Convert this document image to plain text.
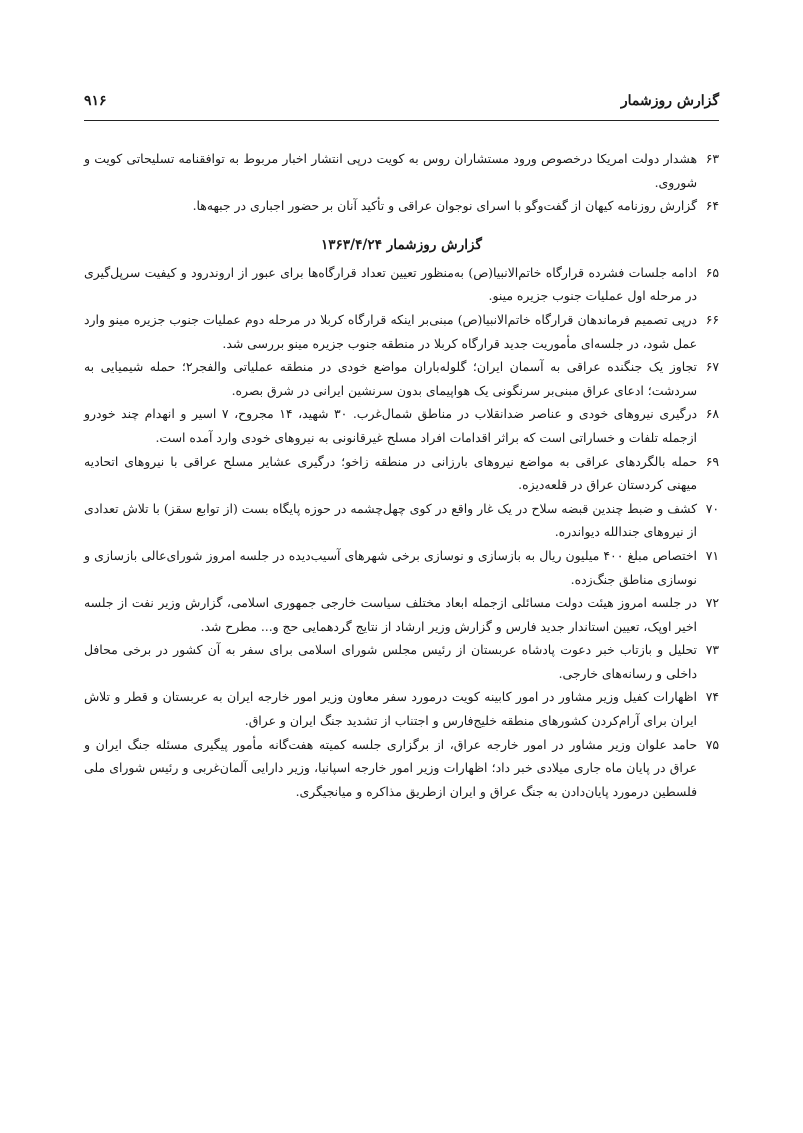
گزارش روزشمار
۹۱۶
۶۳
هشدار دولت امریکا درخصوص ورود مستشاران روس به کویت درپی انتشار اخبار مربوط به توافقنامه تسلیحاتی کویت و شوروی.
۶۴
گزارش روزنامه کیهان از گفت‌وگو با اسرای نوجوان عراقی و تأکید آنان بر حضور اجباری در جبهه‌ها.
گزارش روزشمار ۱۳۶۳/۴/۲۴
۶۵
ادامه جلسات فشرده قرارگاه خاتم‌الانبیا(ص) به‌منظور تعیین تعداد قرارگاه‌ها برای عبور از اروندرود و کیفیت سرپل‌گیری در مرحله اول عملیات جنوب جزیره مینو.
۶۶
درپی تصمیم فرماندهان قرارگاه خاتم‌الانبیا(ص) مبنی‌بر اینکه قرارگاه کربلا در مرحله دوم عملیات جنوب جزیره مینو وارد عمل شود، در جلسه‌ای مأموریت جدید قرارگاه کربلا در منطقه جنوب جزیره مینو بررسی شد.
۶۷
تجاوز یک جنگنده عراقی به آسمان ایران؛ گلوله‌باران مواضع خودی در منطقه عملیاتی والفجر۲؛ حمله شیمیایی به سردشت؛ ادعای عراق مبنی‌بر سرنگونی یک هواپیمای بدون سرنشین ایرانی در شرق بصره.
۶۸
درگیری نیروهای خودی و عناصر ضدانقلاب در مناطق شمال‌غرب. ۳۰ شهید، ۱۴ مجروح، ۷ اسیر و انهدام چند خودرو ازجمله تلفات و خساراتی است که براثر اقدامات افراد مسلح غیرقانونی به نیروهای خودی وارد آمده است.
۶۹
حمله بالگردهای عراقی به مواضع نیروهای بارزانی در منطقه زاخو؛ درگیری عشایر مسلح عراقی با نیروهای اتحادیه میهنی کردستان عراق در قلعه‌دیزه.
۷۰
کشف و ضبط چندین قبضه سلاح در یک غار واقع در کوی چهل‌چشمه در حوزه پایگاه بست (از توابع سقز) با تلاش تعدادی از نیروهای جندالله دیواندره.
۷۱
اختصاص مبلغ ۴۰۰ میلیون ریال به بازسازی و نوسازی برخی شهرهای آسیب‌دیده در جلسه امروز شورای‌عالی بازسازی و نوسازی مناطق جنگ‌زده.
۷۲
در جلسه امروز هیئت دولت مسائلی ازجمله ابعاد مختلف سیاست خارجی جمهوری اسلامی، گزارش وزیر نفت از جلسه اخیر اوپک، تعیین استاندار جدید فارس و گزارش وزیر ارشاد از نتایج گردهمایی حج و... مطرح شد.
۷۳
تحلیل و بازتاب خبر دعوت پادشاه عربستان از رئیس مجلس شورای اسلامی برای سفر به آن کشور در برخی محافل داخلی و رسانه‌های خارجی.
۷۴
اظهارات کفیل وزیر مشاور در امور کابینه کویت درمورد سفر معاون وزیر امور خارجه ایران به عربستان و قطر و تلاش ایران برای آرام‌کردن کشورهای منطقه خلیج‌فارس و اجتناب از تشدید جنگ ایران و عراق.
۷۵
حامد علوان وزیر مشاور در امور خارجه عراق، از برگزاری جلسه کمیته هفت‌گانه مأمور پیگیری مسئله جنگ ایران و عراق در پایان ماه جاری میلادی خبر داد؛ اظهارات وزیر امور خارجه اسپانیا، وزیر دارایی آلمان‌غربی و رئیس شورای ملی فلسطین درمورد پایان‌دادن به جنگ عراق و ایران ازطریق مذاکره و میانجیگری.
